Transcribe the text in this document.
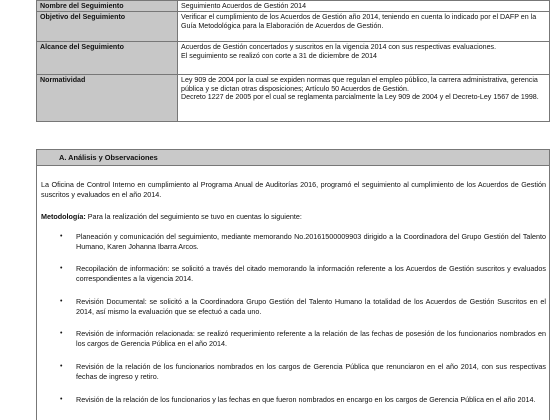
Nombre del Seguimiento	Seguimiento Acuerdos de Gestión 2014

Objetivo del Seguimiento	Verificar el cumplimiento de los Acuerdos de Gestión año 2014, teniendo en cuenta lo indicado por el DAFP en la Guía Metodológica para la Elaboración de Acuerdos de Gestión.

Alcance del Seguimiento	Acuerdos de Gestión concertados y suscritos en la vigencia 2014 con sus respectivas evaluaciones.

El seguimiento se realizó con corte a 31 de diciembre de 2014

Normatividad	Ley 909 de 2004 por la cual se expiden normas que regulan el empleo público, la carrera administrativa, gerencia pública y se dictan otras disposiciones; Artículo 50 Acuerdos de Gestión.

Decreto 1227 de 2005 por el cual se reglamenta parcialmente la Ley 909 de 2004 y el Decreto-Ley 1567 de 1998.

A. Análisis y Observaciones
La Oficina de Control Interno en cumplimiento al Programa Anual de Auditorías 2016, programó el seguimiento al cumplimiento de los Acuerdos de Gestión suscritos y evaluados en el año 2014.
Metodología: Para la realización del seguimiento se tuvo en cuentas lo siguiente:
• Planeación y comunicación del seguimiento, mediante memorando No.20161500009903 dirigido a la Coordinadora del Grupo Gestión del Talento Humano, Karen Johanna Ibarra Arcos.
• Recopilación de información: se solicitó a través del citado memorando la información referente a los Acuerdos de Gestión suscritos y evaluados correspondientes a la vigencia 2014.
• Revisión Documental: se solicitó a la Coordinadora Grupo Gestión del Talento Humano la totalidad de los Acuerdos de Gestión Suscritos en el 2014, así mismo la evaluación que se efectuó a cada uno.
• Revisión de información relacionada: se realizó requerimiento referente a la relación de las fechas de posesión de los funcionarios nombrados en los cargos de Gerencia Pública en el año 2014.
• Revisión de la relación de los funcionarios nombrados en los cargos de Gerencia Pública que renunciaron en el año 2014, con sus respectivas fechas de ingreso y retiro.
• Revisión de la relación de los funcionarios y las fechas en que fueron nombrados en encargo en los cargos de Gerencia Pública en el año 2014.
